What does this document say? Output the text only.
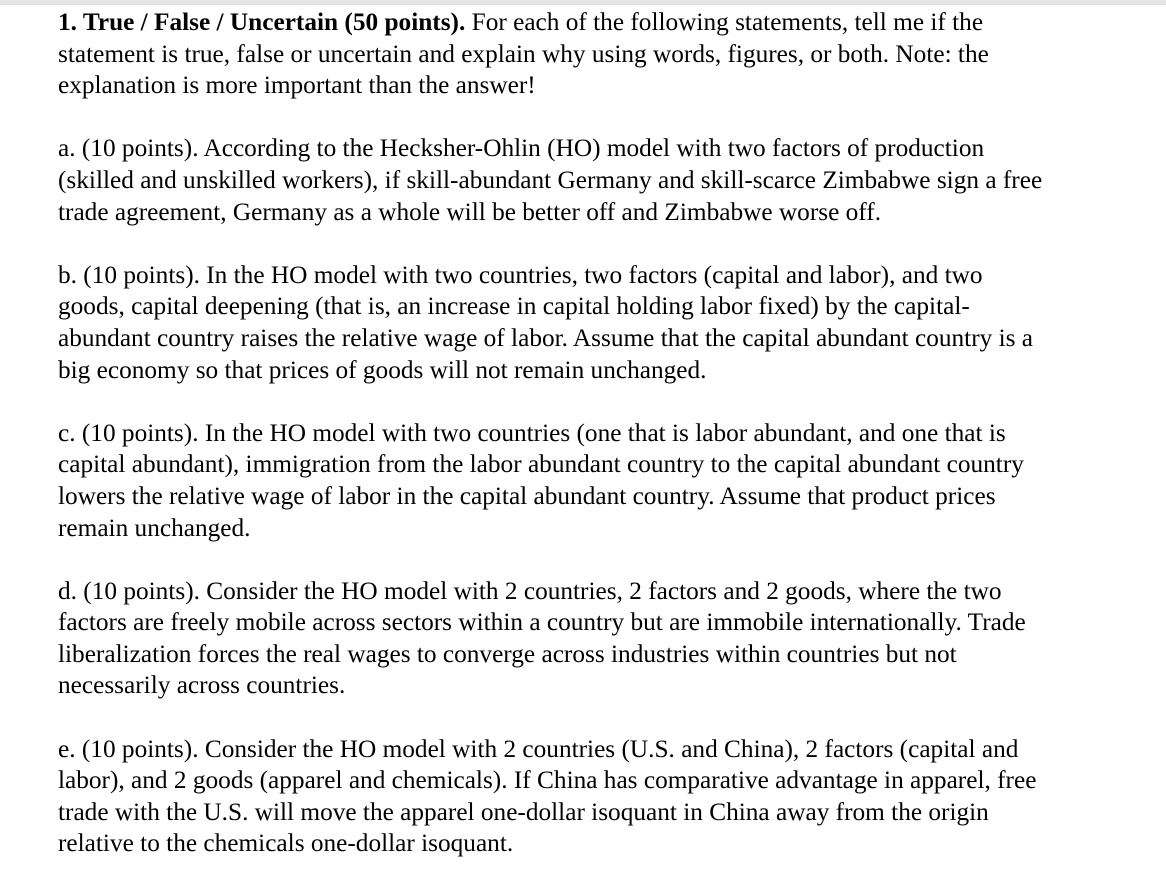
1. True / False / Uncertain (50 points). For each of the following statements, tell me if the
statement is true, false or uncertain and explain why using words, figures, or both. Note: the
explanation is more important than the answer!

a. (10 points). According to the Hecksher-Ohlin (HO) model with two factors of production
(skilled and unskilled workers), if skill-abundant Germany and skill-scarce Zimbabwe sign a free
trade agreement, Germany as a whole will be better off and Zimbabwe worse off.

b. (10 points). In the HO model with two countries, two factors (capital and labor), and two
goods, capital deepening (that is, an increase in capital holding labor fixed) by the capital-
abundant country raises the relative wage of labor. Assume that the capital abundant country is a
big economy so that prices of goods will not remain unchanged.

c. (10 points). In the HO model with two countries (one that is labor abundant, and one that is
capital abundant), immigration from the labor abundant country to the capital abundant country
lowers the relative wage of labor in the capital abundant country. Assume that product prices
remain unchanged.

d. (10 points). Consider the HO model with 2 countries, 2 factors and 2 goods, where the two
factors are freely mobile across sectors within a country but are immobile internationally. Trade
liberalization forces the real wages to converge across industries within countries but not
necessarily across countries.

e. (10 points). Consider the HO model with 2 countries (U.S. and China), 2 factors (capital and
labor), and 2 goods (apparel and chemicals). If China has comparative advantage in apparel, free
trade with the U.S. will move the apparel one-dollar isoquant in China away from the origin
relative to the chemicals one-dollar isoquant.
